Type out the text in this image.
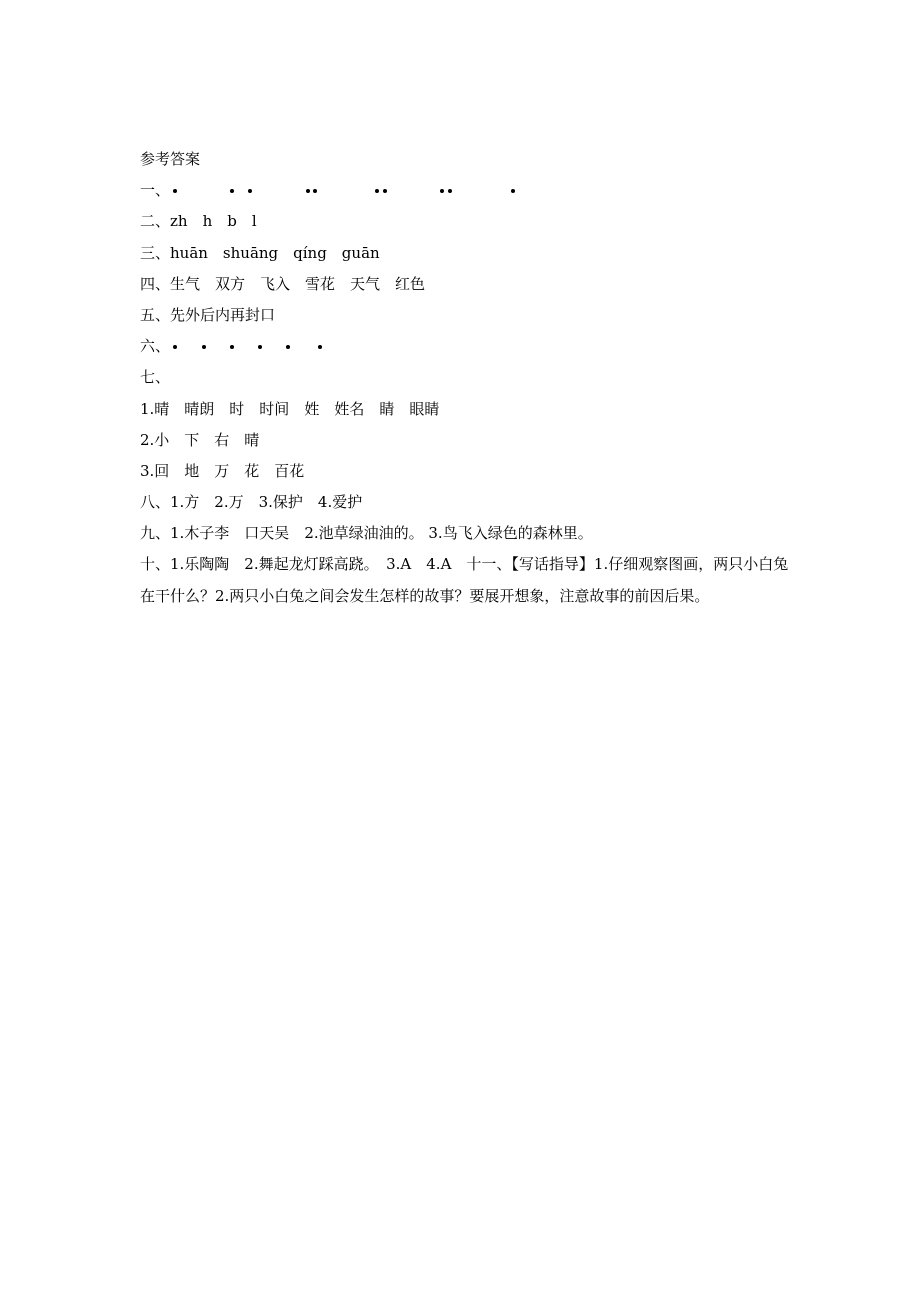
参考答案
一、
二、zh　h　b　l
三、huān　shuāng　qíng　guān
四、生气　双方　飞入　雪花　天气　红色
五、先外后内再封口
六、
七、
1.晴　晴朗　时　时间　姓　姓名　睛　眼睛
2.小　下　右　晴
3.回　地　万　花　百花
八、1.方　2.万　3.保护　4.爱护
九、1.木子李　口天吴　2.池草绿油油的。 3.鸟飞入绿色的森林里。
十、1.乐陶陶　2.舞起龙灯踩高跷。　3.A　4.A　十一、【写话指导】1.仔细观察图画，两只小白兔在干什么？2.两只小白兔之间会发生怎样的故事？要展开想象，注意故事的前因后果。
